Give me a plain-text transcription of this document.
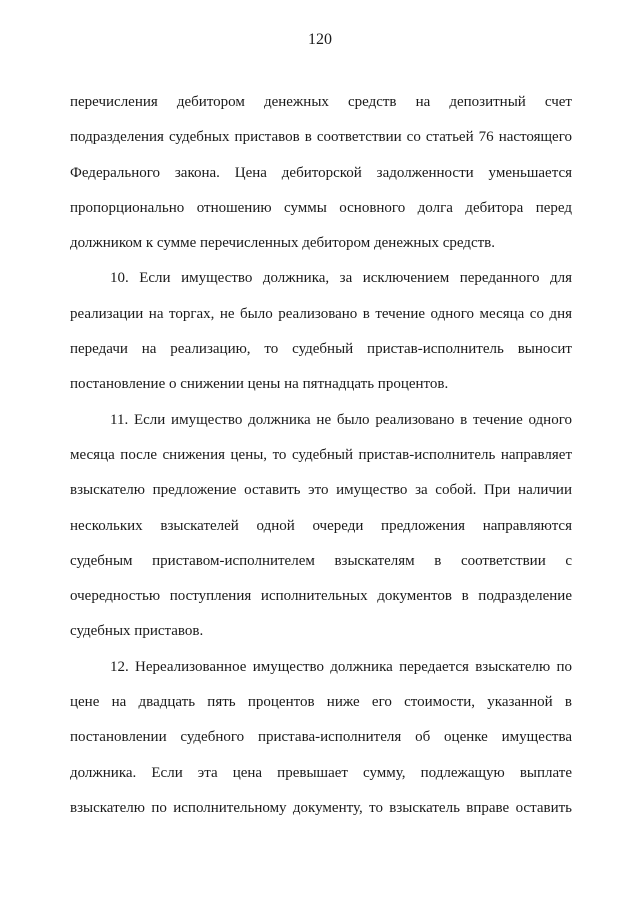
120
перечисления дебитором денежных средств на депозитный счет
подразделения судебных приставов в соответствии со статьей 76 настоящего
Федерального закона. Цена дебиторской задолженности уменьшается
пропорционально отношению суммы основного долга дебитора перед
должником к сумме перечисленных дебитором денежных средств.
10. Если имущество должника, за исключением переданного для
реализации на торгах, не было реализовано в течение одного месяца со дня
передачи на реализацию, то судебный пристав-исполнитель выносит
постановление о снижении цены на пятнадцать процентов.
11. Если имущество должника не было реализовано в течение одного
месяца после снижения цены, то судебный пристав-исполнитель направляет
взыскателю предложение оставить это имущество за собой. При наличии
нескольких взыскателей одной очереди предложения направляются
судебным приставом-исполнителем взыскателям в соответствии с
очередностью поступления исполнительных документов в подразделение
судебных приставов.
12. Нереализованное имущество должника передается взыскателю по
цене на двадцать пять процентов ниже его стоимости, указанной в
постановлении судебного пристава-исполнителя об оценке имущества
должника. Если эта цена превышает сумму, подлежащую выплате
взыскателю по исполнительному документу, то взыскатель вправе оставить
